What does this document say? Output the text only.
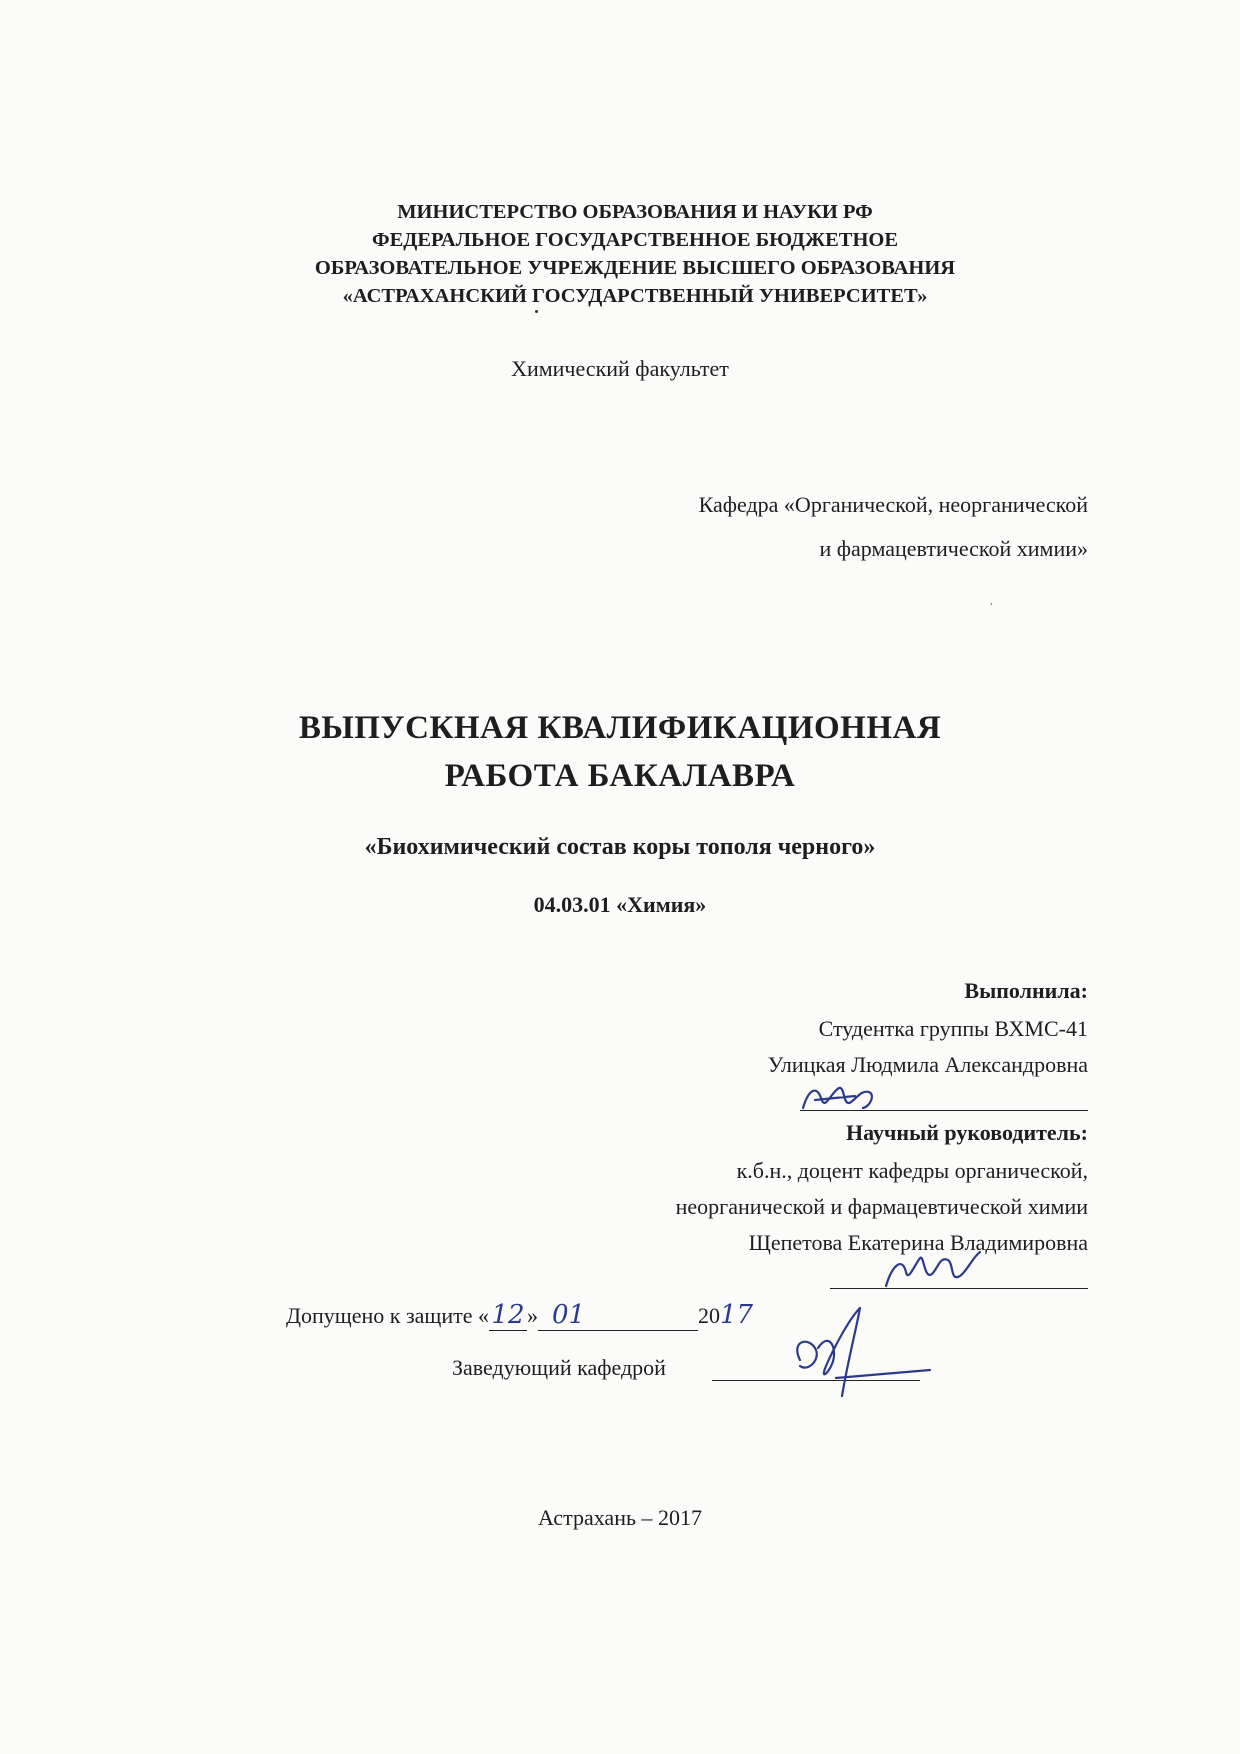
МИНИСТЕРСТВО ОБРАЗОВАНИЯ И НАУКИ РФ
ФЕДЕРАЛЬНОЕ ГОСУДАРСТВЕННОЕ БЮДЖЕТНОЕ
ОБРАЗОВАТЕЛЬНОЕ УЧРЕЖДЕНИЕ ВЫСШЕГО ОБРАЗОВАНИЯ
«АСТРАХАНСКИЙ ГОСУДАРСТВЕННЫЙ УНИВЕРСИТЕТ»
Химический факультет
Кафедра «Органической, неорганической
и фармацевтической химии»
,
ВЫПУСКНАЯ КВАЛИФИКАЦИОННАЯ
РАБОТА БАКАЛАВРА
«Биохимический состав коры тополя черного»
04.03.01 «Химия»
Выполнила:
Студентка группы ВХМС-41
Улицкая Людмила Александровна
Научный руководитель:
к.б.н., доцент кафедры органической,
неорганической и фармацевтической химии
Щепетова Екатерина Владимировна
Допущено к защите «12 » 01	2017
Заведующий кафедрой
Астрахань – 2017
